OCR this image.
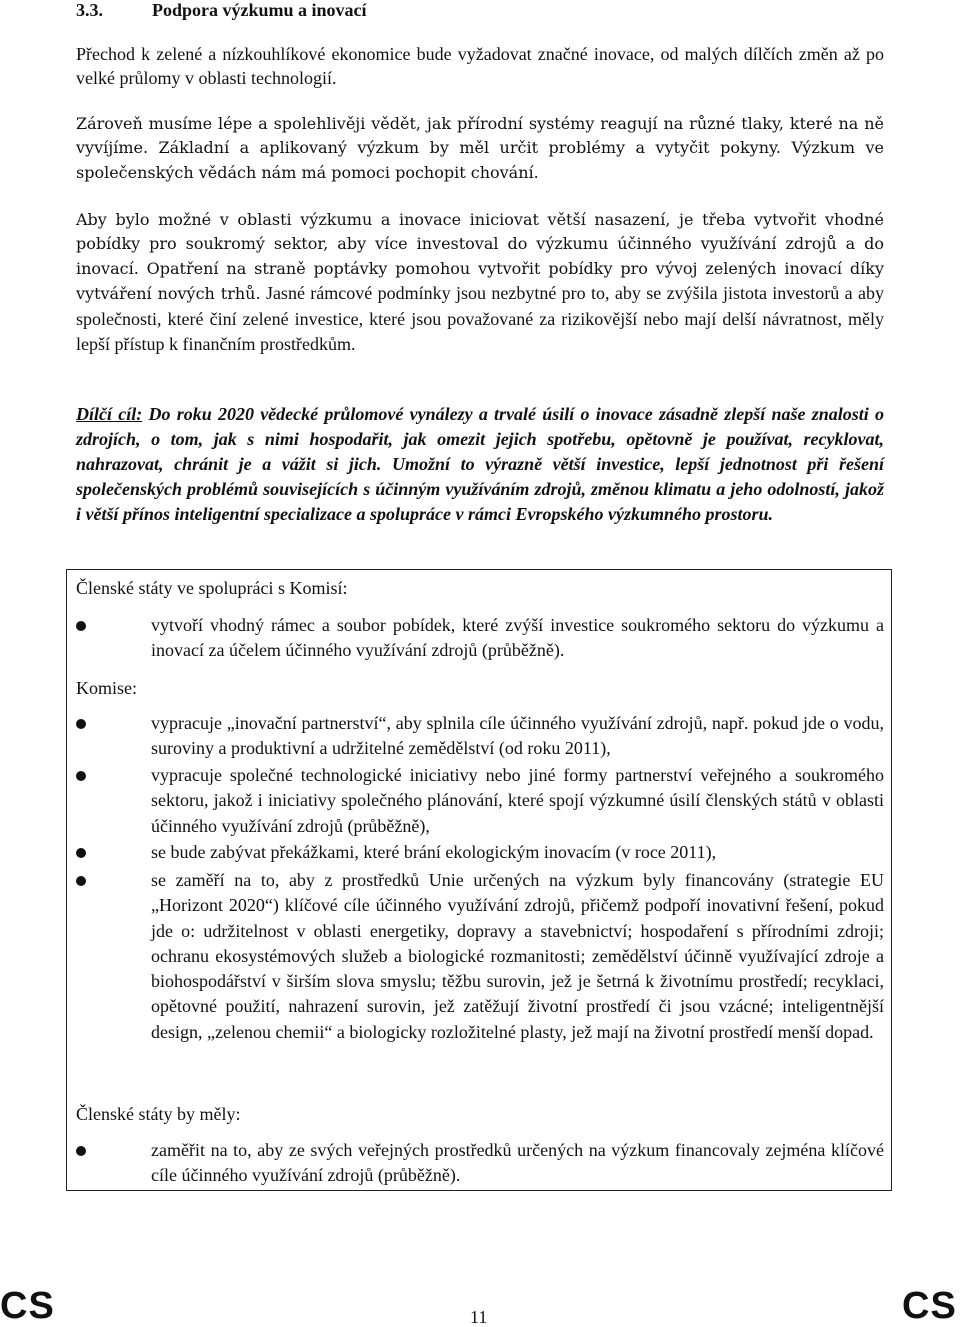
3.3.	Podpora výzkumu a inovací

Přechod k zelené a nízkouhlíkové ekonomice bude vyžadovat značné inovace, od malých dílčích změn až po velké průlomy v oblasti technologií.

Zároveň musíme lépe a spolehlivěji vědět, jak přírodní systémy reagují na různé tlaky, které na ně vyvíjíme. Základní a aplikovaný výzkum by měl určit problémy a vytyčit pokyny. Výzkum ve společenských vědách nám má pomoci pochopit chování.

Aby bylo možné v oblasti výzkumu a inovace iniciovat větší nasazení, je třeba vytvořit vhodné pobídky pro soukromý sektor, aby více investoval do výzkumu účinného využívání zdrojů a do inovací. Opatření na straně poptávky pomohou vytvořit pobídky pro vývoj zelených inovací díky vytváření nových trhů. Jasné rámcové podmínky jsou nezbytné pro to, aby se zvýšila jistota investorů a aby společnosti, které činí zelené investice, které jsou považované za rizikovější nebo mají delší návratnost, měly lepší přístup k finančním prostředkům.

Dílčí cíl: Do roku 2020 vědecké průlomové vynálezy a trvalé úsilí o inovace zásadně zlepší naše znalosti o zdrojích, o tom, jak s nimi hospodařit, jak omezit jejich spotřebu, opětovně je používat, recyklovat, nahrazovat, chránit je a vážit si jich. Umožní to výrazně větší investice, lepší jednotnost při řešení společenských problémů souvisejících s účinným využíváním zdrojů, změnou klimatu a jeho odolností, jakož i větší přínos inteligentní specializace a spolupráce v rámci Evropského výzkumného prostoru.

Členské státy ve spolupráci s Komisí:

vytvoří vhodný rámec a soubor pobídek, které zvýší investice soukromého sektoru do výzkumu a inovací za účelem účinného využívání zdrojů (průběžně).

Komise:

vypracuje „inovační partnerství“, aby splnila cíle účinného využívání zdrojů, např. pokud jde o vodu, suroviny a produktivní a udržitelné zemědělství (od roku 2011),

vypracuje společné technologické iniciativy nebo jiné formy partnerství veřejného a soukromého sektoru, jakož i iniciativy společného plánování, které spojí výzkumné úsilí členských států v oblasti účinného využívání zdrojů (průběžně),

se bude zabývat překážkami, které brání ekologickým inovacím (v roce 2011),

se zaměří na to, aby z prostředků Unie určených na výzkum byly financovány (strategie EU „Horizont 2020“) klíčové cíle účinného využívání zdrojů, přičemž podpoří inovativní řešení, pokud jde o: udržitelnost v oblasti energetiky, dopravy a stavebnictví; hospodaření s přírodními zdroji; ochranu ekosystémových služeb a biologické rozmanitosti; zemědělství účinně využívající zdroje a biohospodářství v širším slova smyslu; těžbu surovin, jež je šetrná k životnímu prostředí; recyklaci, opětovné použití, nahrazení surovin, jež zatěžují životní prostředí či jsou vzácné; inteligentnější design, „zelenou chemii“ a biologicky rozložitelné plasty, jež mají na životní prostředí menší dopad.

Členské státy by měly:

zaměřit na to, aby ze svých veřejných prostředků určených na výzkum financovaly zejména klíčové cíle účinného využívání zdrojů (průběžně).

CS	11	CS
